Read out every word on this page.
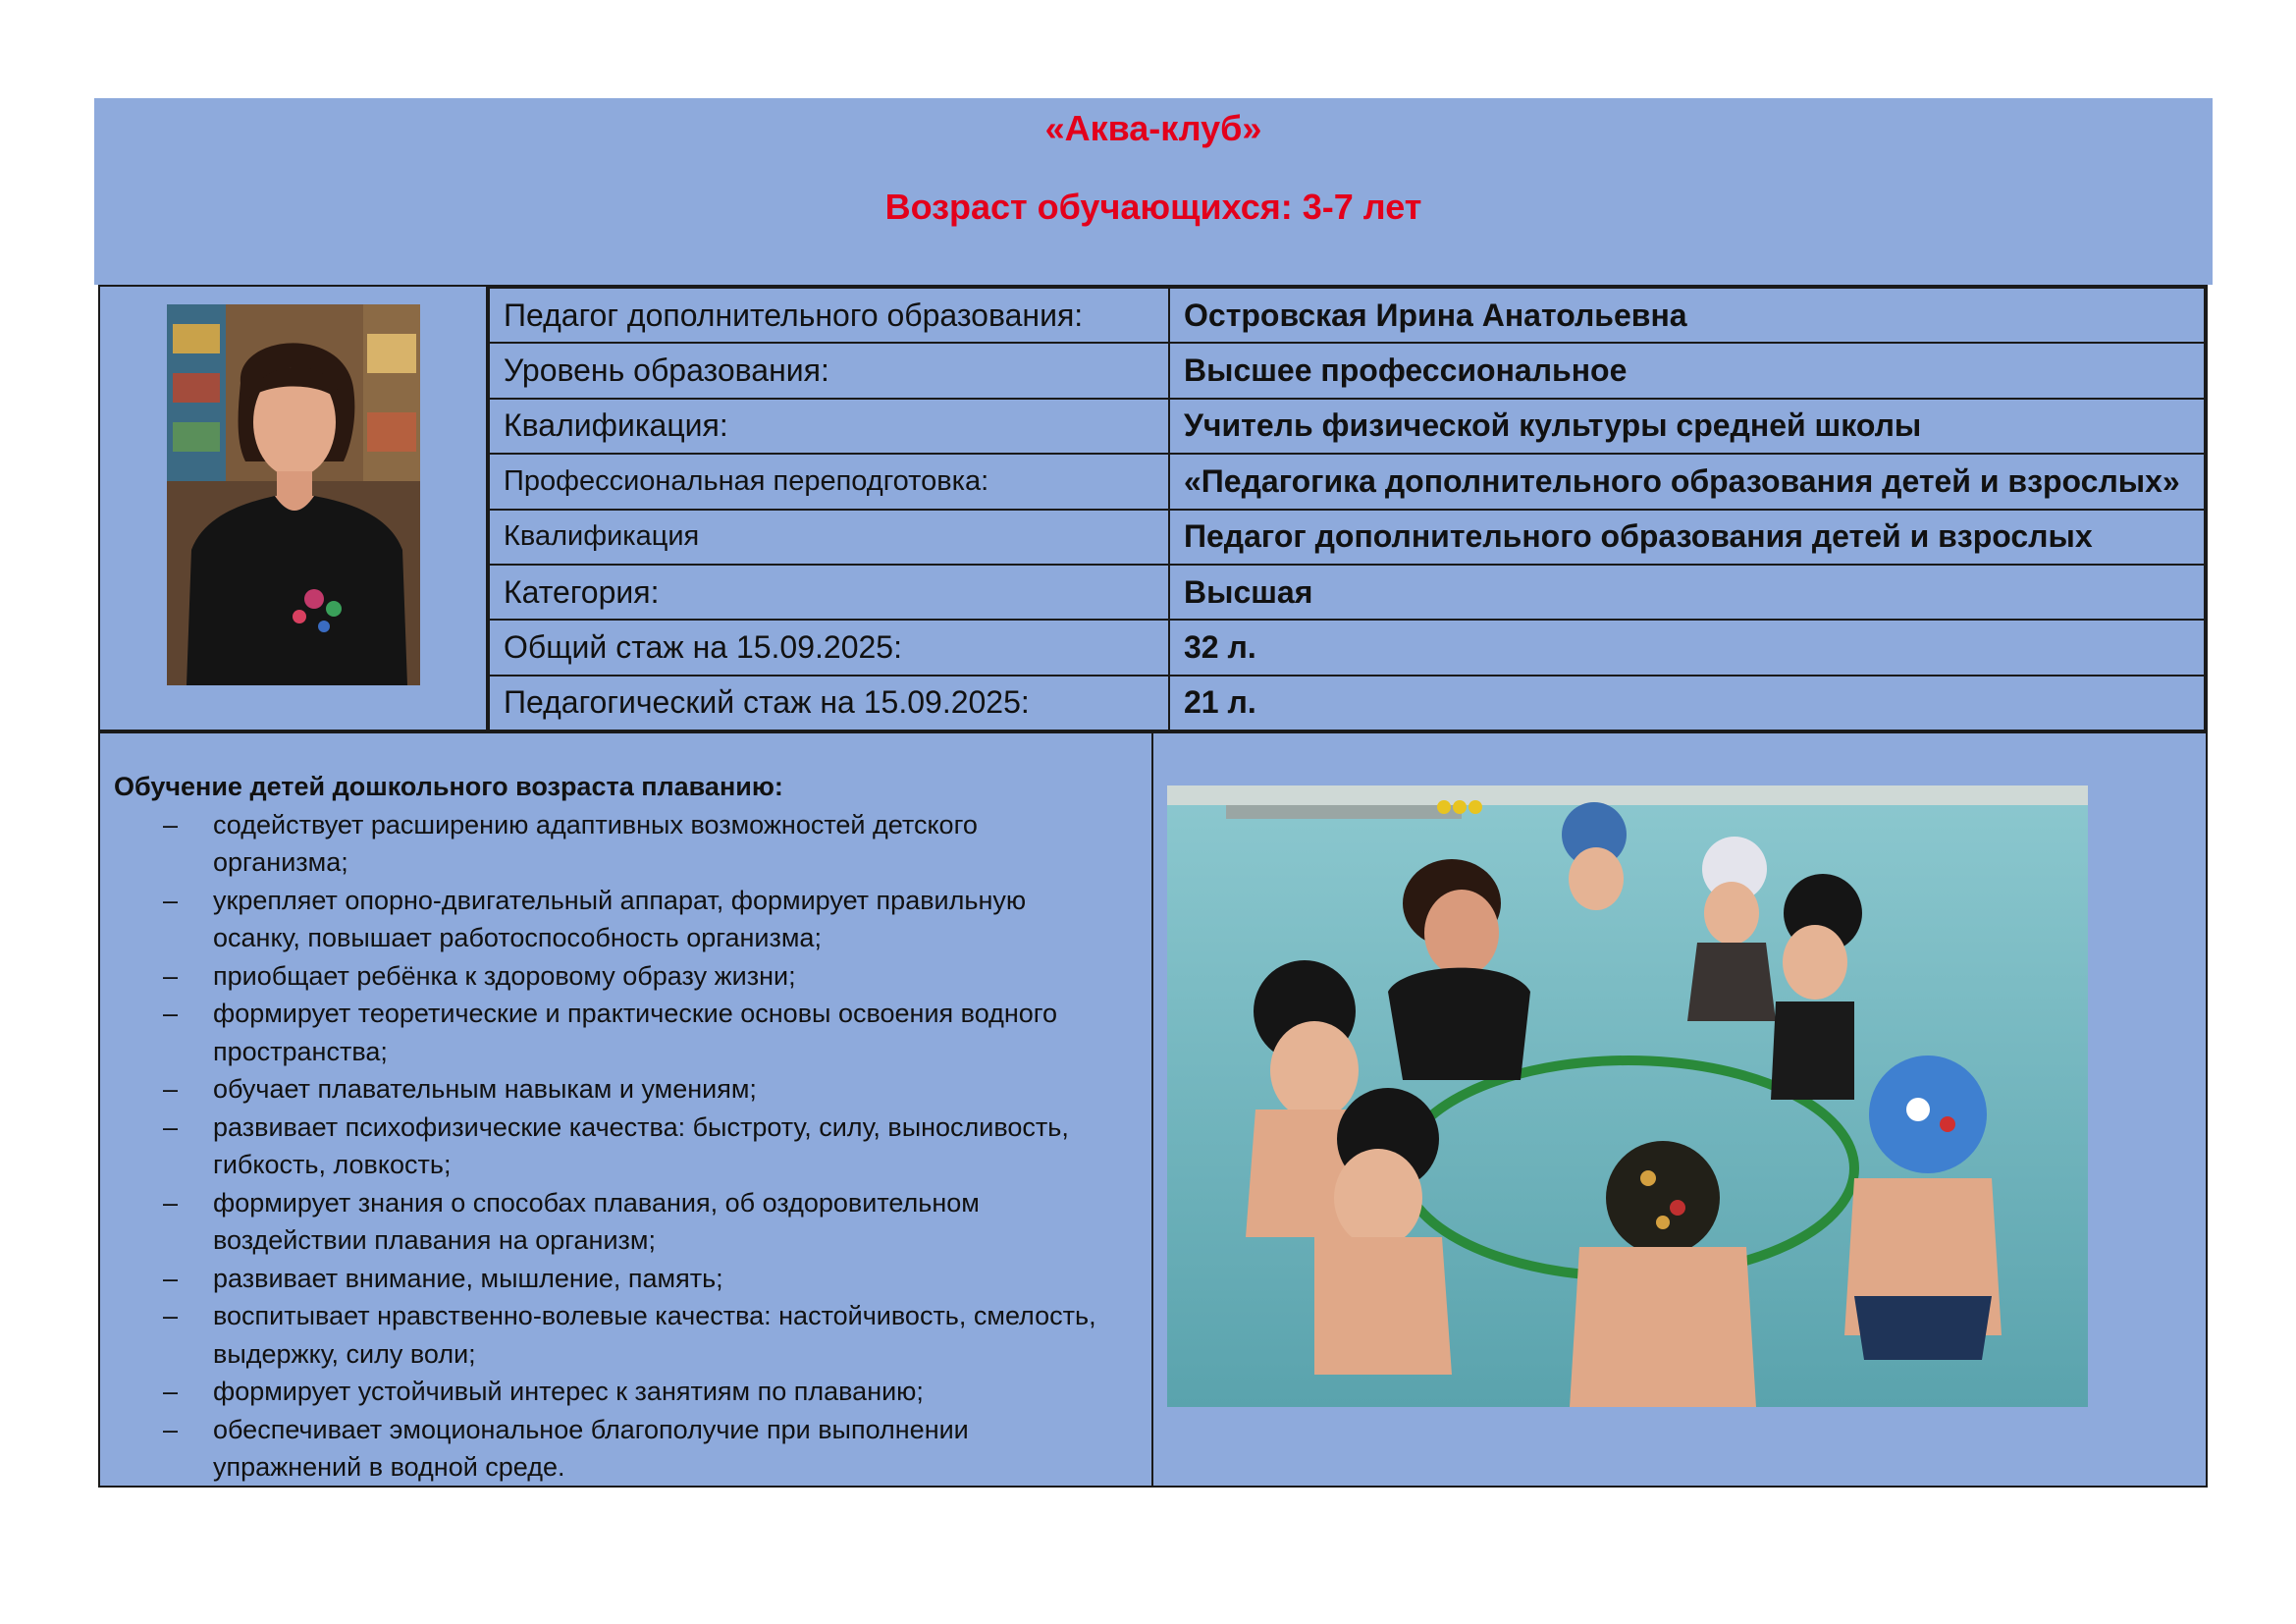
«Аква-клуб»
Возраст обучающихся: 3-7 лет
Педагог дополнительного образования:	Островская Ирина Анатольевна
Уровень образования:	Высшее профессиональное
Квалификация:	Учитель физической культуры средней школы
Профессиональная переподготовка:	«Педагогика дополнительного образования детей и взрослых»
Квалификация	Педагог дополнительного образования детей и взрослых
Категория:	Высшая
Общий стаж на 15.09.2025:	32 л.
Педагогический стаж на 15.09.2025:	21 л.
Обучение детей дошкольного возраста плаванию:
– содействует расширению адаптивных возможностей детского
организма;
– укрепляет опорно-двигательный аппарат, формирует правильную
осанку, повышает работоспособность организма;
– приобщает ребёнка к здоровому образу жизни;
– формирует теоретические и практические основы освоения водного
пространства;
– обучает плавательным навыкам и умениям;
– развивает психофизические качества: быстроту, силу, выносливость,
гибкость, ловкость;
– формирует знания о способах плавания, об оздоровительном
воздействии плавания на организм;
– развивает внимание, мышление, память;
– воспитывает нравственно-волевые качества: настойчивость, смелость,
выдержку, силу воли;
– формирует устойчивый интерес к занятиям по плаванию;
– обеспечивает эмоциональное благополучие при выполнении
упражнений в водной среде.
